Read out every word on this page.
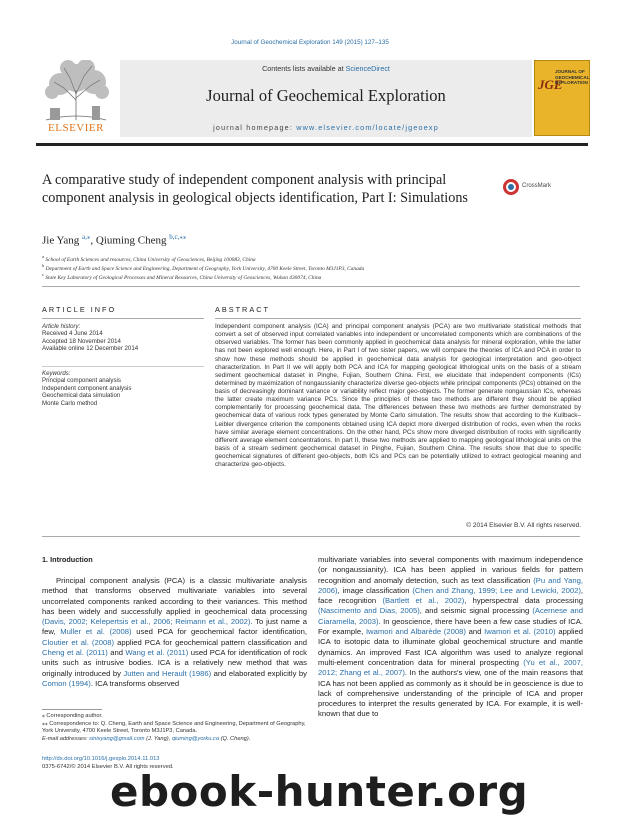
Journal of Geochemical Exploration 149 (2015) 127–135
ELSEVIER
Contents lists available at ScienceDirect
Journal of Geochemical Exploration
journal homepage: www.elsevier.com/locate/jgeoexp
JGE
JOURNAL OF GEOCHEMICAL EXPLORATION
A comparative study of independent component analysis with principal component analysis in geological objects identification, Part I: Simulations
CrossMark
Jie Yang $^{a,⁎}$, Qiuming Cheng $^{b,c,⁎⁎}$
$^a$ School of Earth Sciences and resources, China University of Geosciences, Beijing 100083, China
$^b$ Department of Earth and Space Science and Engineering, Department of Geography, York University, 4700 Keele Street, Toronto M3J1P3, Canada
$^c$ State Key Laboratory of Geological Processes and Mineral Resources, China University of Geosciences, Wuhan 430074, China
ARTICLE INFO	ABSTRACT
Article history:
Received 4 June 2014
Accepted 18 November 2014
Available online 12 December 2014
Keywords:
Principal component analysis
Independent component analysis
Geochemical data simulation
Monte Carlo method
Independent component analysis (ICA) and principal component analysis (PCA) are two multivariate statistical methods that convert a set of observed input correlated variables into independent or uncorrelated components which are combinations of the observed variables. The former has been commonly applied in geochemical data analysis for mineral exploration, while the latter has not been explored well enough. Here, in Part I of two sister papers, we will compare the theories of ICA and PCA in order to show how these methods should be applied in geochemical data analysis for geological interpretation and geo-object characterization. In Part II we will apply both PCA and ICA for mapping geological lithological units on the basis of a stream sediment geochemical dataset in Pinghe, Fujian, Southern China. First, we elucidate that independent components (ICs) determined by maximization of nongaussianity characterize diverse geo-objects while principal components (PCs) obtained on the basis of decreasingly dominant variance or variability reflect major geo-objects. The former generate nongaussian ICs, whereas the latter create maximum variance PCs. Since the principles of these two methods are different they should be applied complementarily for processing geochemical data. The differences between these two methods are further demonstrated by geochemical data of various rock types generated by Monte Carlo simulation. The results show that according to the Kullback–Leibler divergence criterion the components obtained using ICA depict more diverged distribution of rocks, even when the rocks have similar average element concentrations. On the other hand, PCs show more diverged distribution of rocks with significantly different average element concentrations. In part II, these two methods are applied to mapping geological lithological units on the basis of a stream sediment geochemical dataset in Pinghe, Fujian, Southern China. The results show that due to specific geochemical signatures of different geo-objects, both ICs and PCs can be potentially utilized to extract geological meaning and characterize geo-objects.
© 2014 Elsevier B.V. All rights reserved.
1. Introduction
Principal component analysis (PCA) is a classic multivariate analysis method that transforms observed multivariate variables into several uncorrelated components ranked according to their variances. This method has been widely and successfully applied in geochemical data processing (Davis, 2002; Kelepertsis et al., 2006; Reimann et al., 2002). To just name a few, Muller et al. (2008) used PCA for geochemical factor identification, Cloutier et al. (2008) applied PCA for geochemical pattern classification and Cheng et al. (2011) and Wang et al. (2011) used PCA for identification of rock units such as intrusive bodies. ICA is a relatively new method that was originally introduced by Jutten and Herault (1986) and elaborated explicitly by Comon (1994). ICA transforms observed
multivariate variables into several components with maximum independence (or nongaussianity). ICA has been applied in various fields for pattern recognition and anomaly detection, such as text classification (Pu and Yang, 2006), image classification (Chen and Zhang, 1999; Lee and Lewicki, 2002), face recognition (Bartlett et al., 2002), hyperspectral data processing (Nascimento and Dias, 2005), and seismic signal processing (Acernese and Ciaramella, 2003). In geoscience, there have been a few case studies of ICA. For example, Iwamori and Albarède (2008) and Iwamori et al. (2010) applied ICA to isotopic data to illuminate global geochemical structure and mantle dynamics. An improved Fast ICA algorithm was used to analyze regional multi-element concentration data for mineral prospecting (Yu et al., 2007, 2012; Zhang et al., 2007). In the authors's view, one of the main reasons that ICA has not been applied as commonly as it should be in geoscience is due to lack of comprehensive understanding of the principle of ICA and proper procedures to interpret the results generated by ICA. For example, it is well-known that due to
⁎ Corresponding author.
⁎⁎ Correspondence to: Q. Cheng, Earth and Space Science and Engineering, Department of Geography, York University, 4700 Keele Street, Toronto M3J1P3, Canada.
E-mail addresses: sinixyang@gmail.com (J. Yang), qiuming@yorku.ca (Q. Cheng).
http://dx.doi.org/10.1016/j.gexplo.2014.11.013
0375-6742/© 2014 Elsevier B.V. All rights reserved.
ebook-hunter.org
